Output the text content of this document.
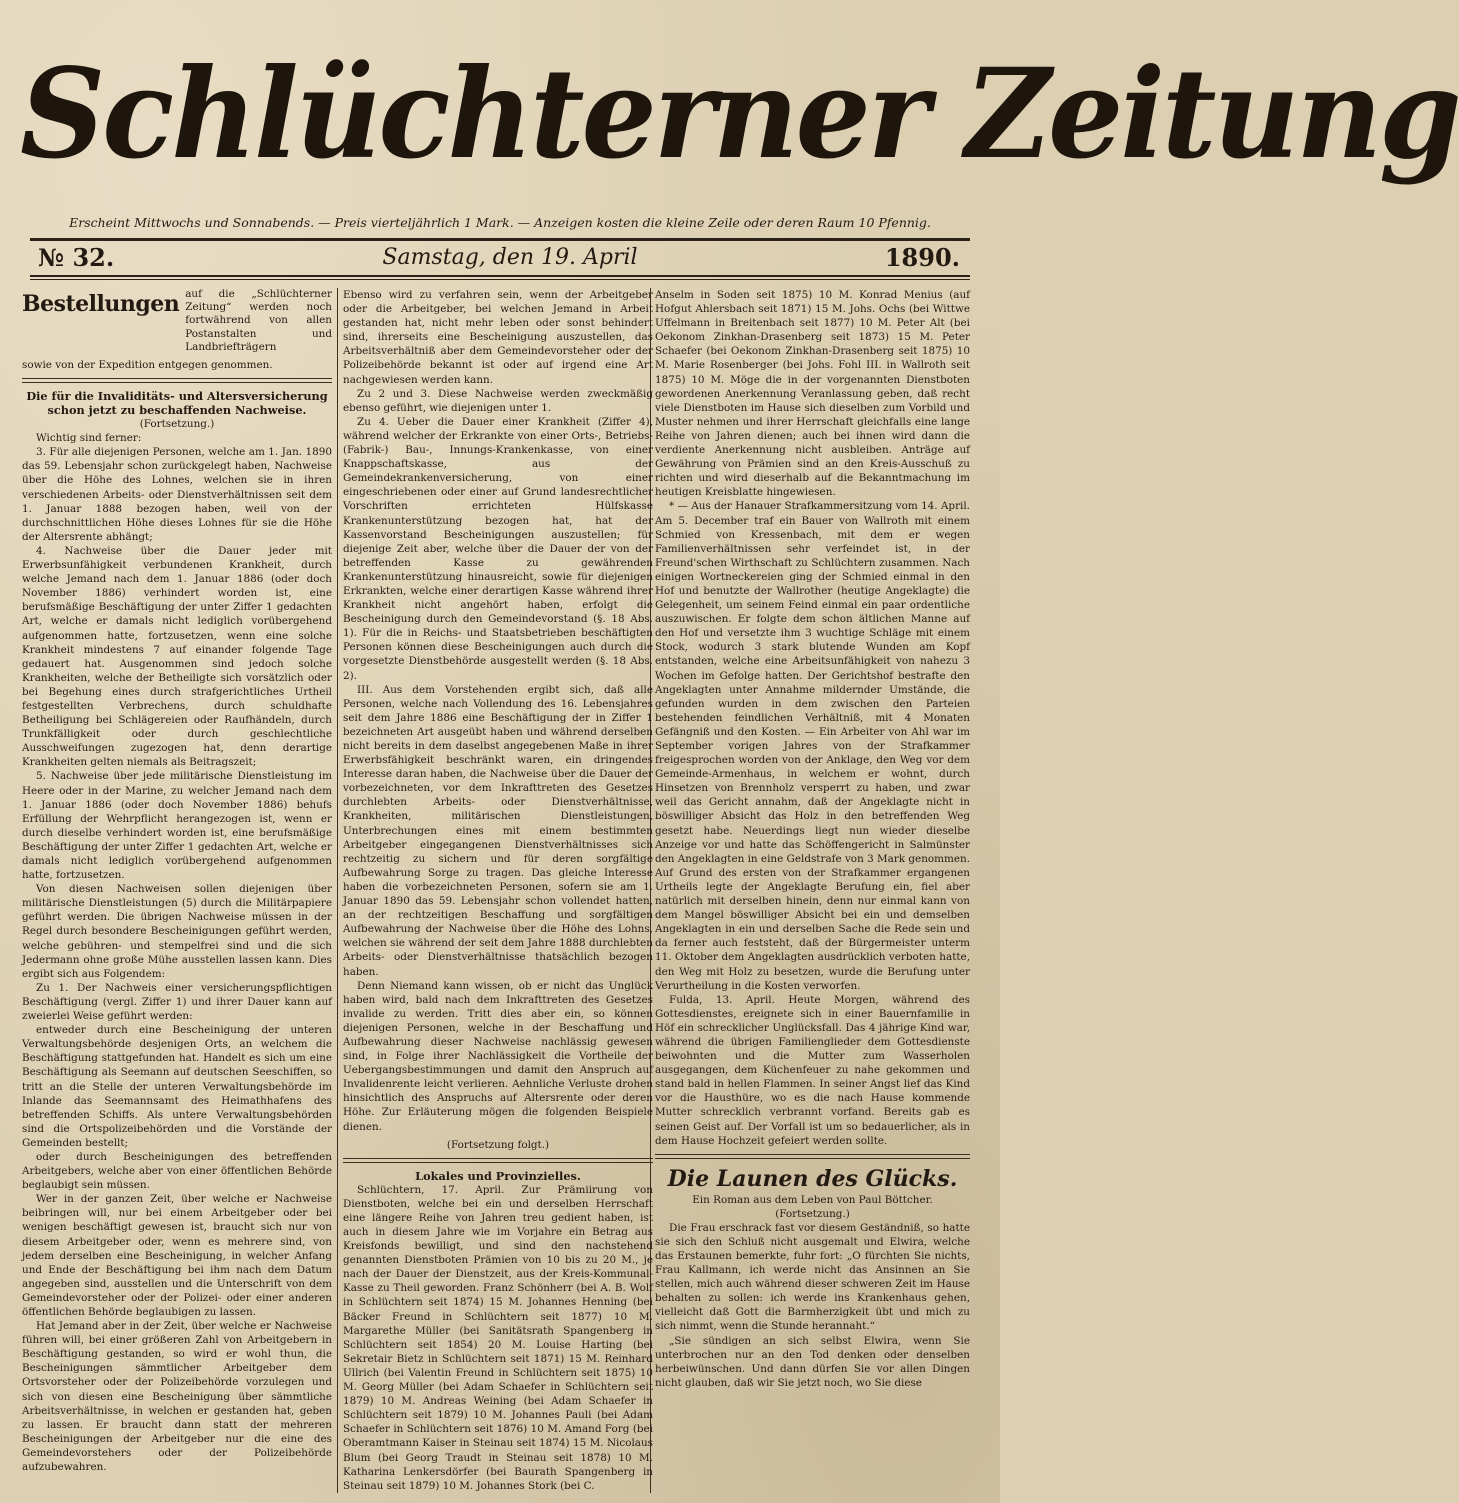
Schlüchterner Zeitung
Erscheint Mittwochs und Sonnabends. — Preis vierteljährlich 1 Mark. — Anzeigen kosten die kleine Zeile oder deren Raum 10 Pfennig.
№ 32.	Samstag, den 19. April	1890.
Bestellungen auf die „Schlüchterner Zeitung“ werden noch fortwährend von allen Postanstalten und Landbriefträgern

sowie von der Expedition entgegen genommen.

Die für die Invaliditäts- und Altersversicherung schon jetzt zu beschaffenden Nachweise.

(Fortsetzung.)

Wichtig sind ferner:

3. Für alle diejenigen Personen, welche am 1. Jan. 1890 das 59. Lebensjahr schon zurückgelegt haben, Nachweise über die Höhe des Lohnes, welchen sie in ihren verschiedenen Arbeits- oder Dienstverhältnissen seit dem 1. Januar 1888 bezogen haben, weil von der durchschnittlichen Höhe dieses Lohnes für sie die Höhe der Altersrente abhängt;

4. Nachweise über die Dauer jeder mit Erwerbsunfähigkeit verbundenen Krankheit, durch welche Jemand nach dem 1. Januar 1886 (oder doch November 1886) verhindert worden ist, eine berufsmäßige Beschäftigung der unter Ziffer 1 gedachten Art, welche er damals nicht lediglich vorübergehend aufgenommen hatte, fortzusetzen, wenn eine solche Krankheit mindestens 7 auf einander folgende Tage gedauert hat. Ausgenommen sind jedoch solche Krankheiten, welche der Betheiligte sich vorsätzlich oder bei Begehung eines durch strafgerichtliches Urtheil festgestellten Verbrechens, durch schuldhafte Betheiligung bei Schlägereien oder Raufhändeln, durch Trunkfälligkeit oder durch geschlechtliche Ausschweifungen zugezogen hat, denn derartige Krankheiten gelten niemals als Beitragszeit;

5. Nachweise über jede militärische Dienstleistung im Heere oder in der Marine, zu welcher Jemand nach dem 1. Januar 1886 (oder doch November 1886) behufs Erfüllung der Wehrpflicht herangezogen ist, wenn er durch dieselbe verhindert worden ist, eine berufsmäßige Beschäftigung der unter Ziffer 1 gedachten Art, welche er damals nicht lediglich vorübergehend aufgenommen hatte, fortzusetzen.

Von diesen Nachweisen sollen diejenigen über militärische Dienstleistungen (5) durch die Militärpapiere geführt werden. Die übrigen Nachweise müssen in der Regel durch besondere Bescheinigungen geführt werden, welche gebühren- und stempelfrei sind und die sich Jedermann ohne große Mühe ausstellen lassen kann. Dies ergibt sich aus Folgendem:

Zu 1. Der Nachweis einer versicherungspflichtigen Beschäftigung (vergl. Ziffer 1) und ihrer Dauer kann auf zweierlei Weise geführt werden:

entweder durch eine Bescheinigung der unteren Verwaltungsbehörde desjenigen Orts, an welchem die Beschäftigung stattgefunden hat. Handelt es sich um eine Beschäftigung als Seemann auf deutschen Seeschiffen, so tritt an die Stelle der unteren Verwaltungsbehörde im Inlande das Seemannsamt des Heimathhafens des betreffenden Schiffs. Als untere Verwaltungsbehörden sind die Ortspolizeibehörden und die Vorstände der Gemeinden bestellt;

oder durch Bescheinigungen des betreffenden Arbeitgebers, welche aber von einer öffentlichen Behörde beglaubigt sein müssen.

Wer in der ganzen Zeit, über welche er Nachweise beibringen will, nur bei einem Arbeitgeber oder bei wenigen beschäftigt gewesen ist, braucht sich nur von diesem Arbeitgeber oder, wenn es mehrere sind, von jedem derselben eine Bescheinigung, in welcher Anfang und Ende der Beschäftigung bei ihm nach dem Datum angegeben sind, ausstellen und die Unterschrift von dem Gemeindevorsteher oder der Polizei- oder einer anderen öffentlichen Behörde beglaubigen zu lassen.

Hat Jemand aber in der Zeit, über welche er Nachweise führen will, bei einer größeren Zahl von Arbeitgebern in Beschäftigung gestanden, so wird er wohl thun, die Bescheinigungen sämmtlicher Arbeitgeber dem Ortsvorsteher oder der Polizeibehörde vorzulegen und sich von diesen eine Bescheinigung über sämmtliche Arbeitsverhältnisse, in welchen er gestanden hat, geben zu lassen. Er braucht dann statt der mehreren Bescheinigungen der Arbeitgeber nur die eine des Gemeindevorstehers oder der Polizeibehörde aufzubewahren.

Ebenso wird zu verfahren sein, wenn der Arbeitgeber oder die Arbeitgeber, bei welchen Jemand in Arbeit gestanden hat, nicht mehr leben oder sonst behindert sind, ihrerseits eine Bescheinigung auszustellen, das Arbeitsverhältniß aber dem Gemeindevorsteher oder der Polizeibehörde bekannt ist oder auf irgend eine Art nachgewiesen werden kann.

Zu 2 und 3. Diese Nachweise werden zweckmäßig ebenso geführt, wie diejenigen unter 1.

Zu 4. Ueber die Dauer einer Krankheit (Ziffer 4), während welcher der Erkrankte von einer Orts-, Betriebs- (Fabrik-) Bau-, Innungs-Krankenkasse, von einer Knappschaftskasse, aus der Gemeindekrankenversicherung, von einer eingeschriebenen oder einer auf Grund landesrechtlicher Vorschriften errichteten Hülfskasse Krankenunterstützung bezogen hat, hat der Kassenvorstand Bescheinigungen auszustellen; für diejenige Zeit aber, welche über die Dauer der von der betreffenden Kasse zu gewährenden Krankenunterstützung hinausreicht, sowie für diejenigen Erkrankten, welche einer derartigen Kasse während ihrer Krankheit nicht angehört haben, erfolgt die Bescheinigung durch den Gemeindevorstand (§. 18 Abs. 1). Für die in Reichs- und Staatsbetrieben beschäftigten Personen können diese Bescheinigungen auch durch die vorgesetzte Dienstbehörde ausgestellt werden (§. 18 Abs. 2).

III. Aus dem Vorstehenden ergibt sich, daß alle Personen, welche nach Vollendung des 16. Lebensjahres seit dem Jahre 1886 eine Beschäftigung der in Ziffer 1 bezeichneten Art ausgeübt haben und während derselben nicht bereits in dem daselbst angegebenen Maße in ihrer Erwerbsfähigkeit beschränkt waren, ein dringendes Interesse daran haben, die Nachweise über die Dauer der vorbezeichneten, vor dem Inkrafttreten des Gesetzes durchlebten Arbeits- oder Dienstverhältnisse, Krankheiten, militärischen Dienstleistungen, Unterbrechungen eines mit einem bestimmten Arbeitgeber eingegangenen Dienstverhältnisses sich rechtzeitig zu sichern und für deren sorgfältige Aufbewahrung Sorge zu tragen. Das gleiche Interesse haben die vorbezeichneten Personen, sofern sie am 1. Januar 1890 das 59. Lebensjahr schon vollendet hatten, an der rechtzeitigen Beschaffung und sorgfältigen Aufbewahrung der Nachweise über die Höhe des Lohns, welchen sie während der seit dem Jahre 1888 durchlebten Arbeits- oder Dienstverhältnisse thatsächlich bezogen haben.

Denn Niemand kann wissen, ob er nicht das Unglück haben wird, bald nach dem Inkrafttreten des Gesetzes invalide zu werden. Tritt dies aber ein, so können diejenigen Personen, welche in der Beschaffung und Aufbewahrung dieser Nachweise nachlässig gewesen sind, in Folge ihrer Nachlässigkeit die Vortheile der Uebergangsbestimmungen und damit den Anspruch auf Invalidenrente leicht verlieren. Aehnliche Verluste drohen hinsichtlich des Anspruchs auf Altersrente oder deren Höhe. Zur Erläuterung mögen die folgenden Beispiele dienen.

(Fortsetzung folgt.)

Lokales und Provinzielles.

Schlüchtern, 17. April. Zur Prämiirung von Dienstboten, welche bei ein und derselben Herrschaft eine längere Reihe von Jahren treu gedient haben, ist auch in diesem Jahre wie im Vorjahre ein Betrag aus Kreisfonds bewilligt, und sind den nachstehend genannten Dienstboten Prämien von 10 bis zu 20 M., je nach der Dauer der Dienstzeit, aus der Kreis-Kommunal-Kasse zu Theil geworden. Franz Schönherr (bei A. B. Wolf in Schlüchtern seit 1874) 15 M. Johannes Henning (bei Bäcker Freund in Schlüchtern seit 1877) 10 M. Margarethe Müller (bei Sanitätsrath Spangenberg in Schlüchtern seit 1854) 20 M. Louise Harting (bei Sekretair Bietz in Schlüchtern seit 1871) 15 M. Reinhard Ullrich (bei Valentin Freund in Schlüchtern seit 1875) 10 M. Georg Müller (bei Adam Schaefer in Schlüchtern seit 1879) 10 M. Andreas Weining (bei Adam Schaefer in Schlüchtern seit 1879) 10 M. Johannes Pauli (bei Adam Schaefer in Schlüchtern seit 1876) 10 M. Amand Forg (bei Oberamtmann Kaiser in Steinau seit 1874) 15 M. Nicolaus Blum (bei Georg Traudt in Steinau seit 1878) 10 M. Katharina Lenkersdörfer (bei Baurath Spangenberg in Steinau seit 1879) 10 M. Johannes Stork (bei C.

Anselm in Soden seit 1875) 10 M. Konrad Menius (auf Hofgut Ahlersbach seit 1871) 15 M. Johs. Ochs (bei Wittwe Uffelmann in Breitenbach seit 1877) 10 M. Peter Alt (bei Oekonom Zinkhan-Drasenberg seit 1873) 15 M. Peter Schaefer (bei Oekonom Zinkhan-Drasenberg seit 1875) 10 M. Marie Rosenberger (bei Johs. Fohl III. in Wallroth seit 1875) 10 M. Möge die in der vorgenannten Dienstboten gewordenen Anerkennung Veranlassung geben, daß recht viele Dienstboten im Hause sich dieselben zum Vorbild und Muster nehmen und ihrer Herrschaft gleichfalls eine lange Reihe von Jahren dienen; auch bei ihnen wird dann die verdiente Anerkennung nicht ausbleiben. Anträge auf Gewährung von Prämien sind an den Kreis-Ausschuß zu richten und wird dieserhalb auf die Bekanntmachung im heutigen Kreisblatte hingewiesen.

* — Aus der Hanauer Strafkammersitzung vom 14. April. Am 5. December traf ein Bauer von Wallroth mit einem Schmied von Kressenbach, mit dem er wegen Familienverhältnissen sehr verfeindet ist, in der Freund'schen Wirthschaft zu Schlüchtern zusammen. Nach einigen Wortneckereien ging der Schmied einmal in den Hof und benutzte der Wallrother (heutige Angeklagte) die Gelegenheit, um seinem Feind einmal ein paar ordentliche auszuwischen. Er folgte dem schon ältlichen Manne auf den Hof und versetzte ihm 3 wuchtige Schläge mit einem Stock, wodurch 3 stark blutende Wunden am Kopf entstanden, welche eine Arbeitsunfähigkeit von nahezu 3 Wochen im Gefolge hatten. Der Gerichtshof bestrafte den Angeklagten unter Annahme mildernder Umstände, die gefunden wurden in dem zwischen den Parteien bestehenden feindlichen Verhältniß, mit 4 Monaten Gefängniß und den Kosten. — Ein Arbeiter von Ahl war im September vorigen Jahres von der Strafkammer freigesprochen worden von der Anklage, den Weg vor dem Gemeinde-Armenhaus, in welchem er wohnt, durch Hinsetzen von Brennholz versperrt zu haben, und zwar weil das Gericht annahm, daß der Angeklagte nicht in böswilliger Absicht das Holz in den betreffenden Weg gesetzt habe. Neuerdings liegt nun wieder dieselbe Anzeige vor und hatte das Schöffengericht in Salmünster den Angeklagten in eine Geldstrafe von 3 Mark genommen. Auf Grund des ersten von der Strafkammer ergangenen Urtheils legte der Angeklagte Berufung ein, fiel aber natürlich mit derselben hinein, denn nur einmal kann von dem Mangel böswilliger Absicht bei ein und demselben Angeklagten in ein und derselben Sache die Rede sein und da ferner auch feststeht, daß der Bürgermeister unterm 11. Oktober dem Angeklagten ausdrücklich verboten hatte, den Weg mit Holz zu besetzen, wurde die Berufung unter Verurtheilung in die Kosten verworfen.

Fulda, 13. April. Heute Morgen, während des Gottesdienstes, ereignete sich in einer Bauernfamilie in Höf ein schrecklicher Unglücksfall. Das 4 jährige Kind war, während die übrigen Familienglieder dem Gottesdienste beiwohnten und die Mutter zum Wasserholen ausgegangen, dem Küchenfeuer zu nahe gekommen und stand bald in hellen Flammen. In seiner Angst lief das Kind vor die Hausthüre, wo es die nach Hause kommende Mutter schrecklich verbrannt vorfand. Bereits gab es seinen Geist auf. Der Vorfall ist um so bedauerlicher, als in dem Hause Hochzeit gefeiert werden sollte.

Die Launen des Glücks.

Ein Roman aus dem Leben von Paul Böttcher.

(Fortsetzung.)

Die Frau erschrack fast vor diesem Geständniß, so hatte sie sich den Schluß nicht ausgemalt und Elwira, welche das Erstaunen bemerkte, fuhr fort: „O fürchten Sie nichts, Frau Kallmann, ich werde nicht das Ansinnen an Sie stellen, mich auch während dieser schweren Zeit im Hause behalten zu sollen: ich werde ins Krankenhaus gehen, vielleicht daß Gott die Barmherzigkeit übt und mich zu sich nimmt, wenn die Stunde herannaht.“

„Sie sündigen an sich selbst Elwira, wenn Sie unterbrochen nur an den Tod denken oder denselben herbeiwünschen. Und dann dürfen Sie vor allen Dingen nicht glauben, daß wir Sie jetzt noch, wo Sie diese
